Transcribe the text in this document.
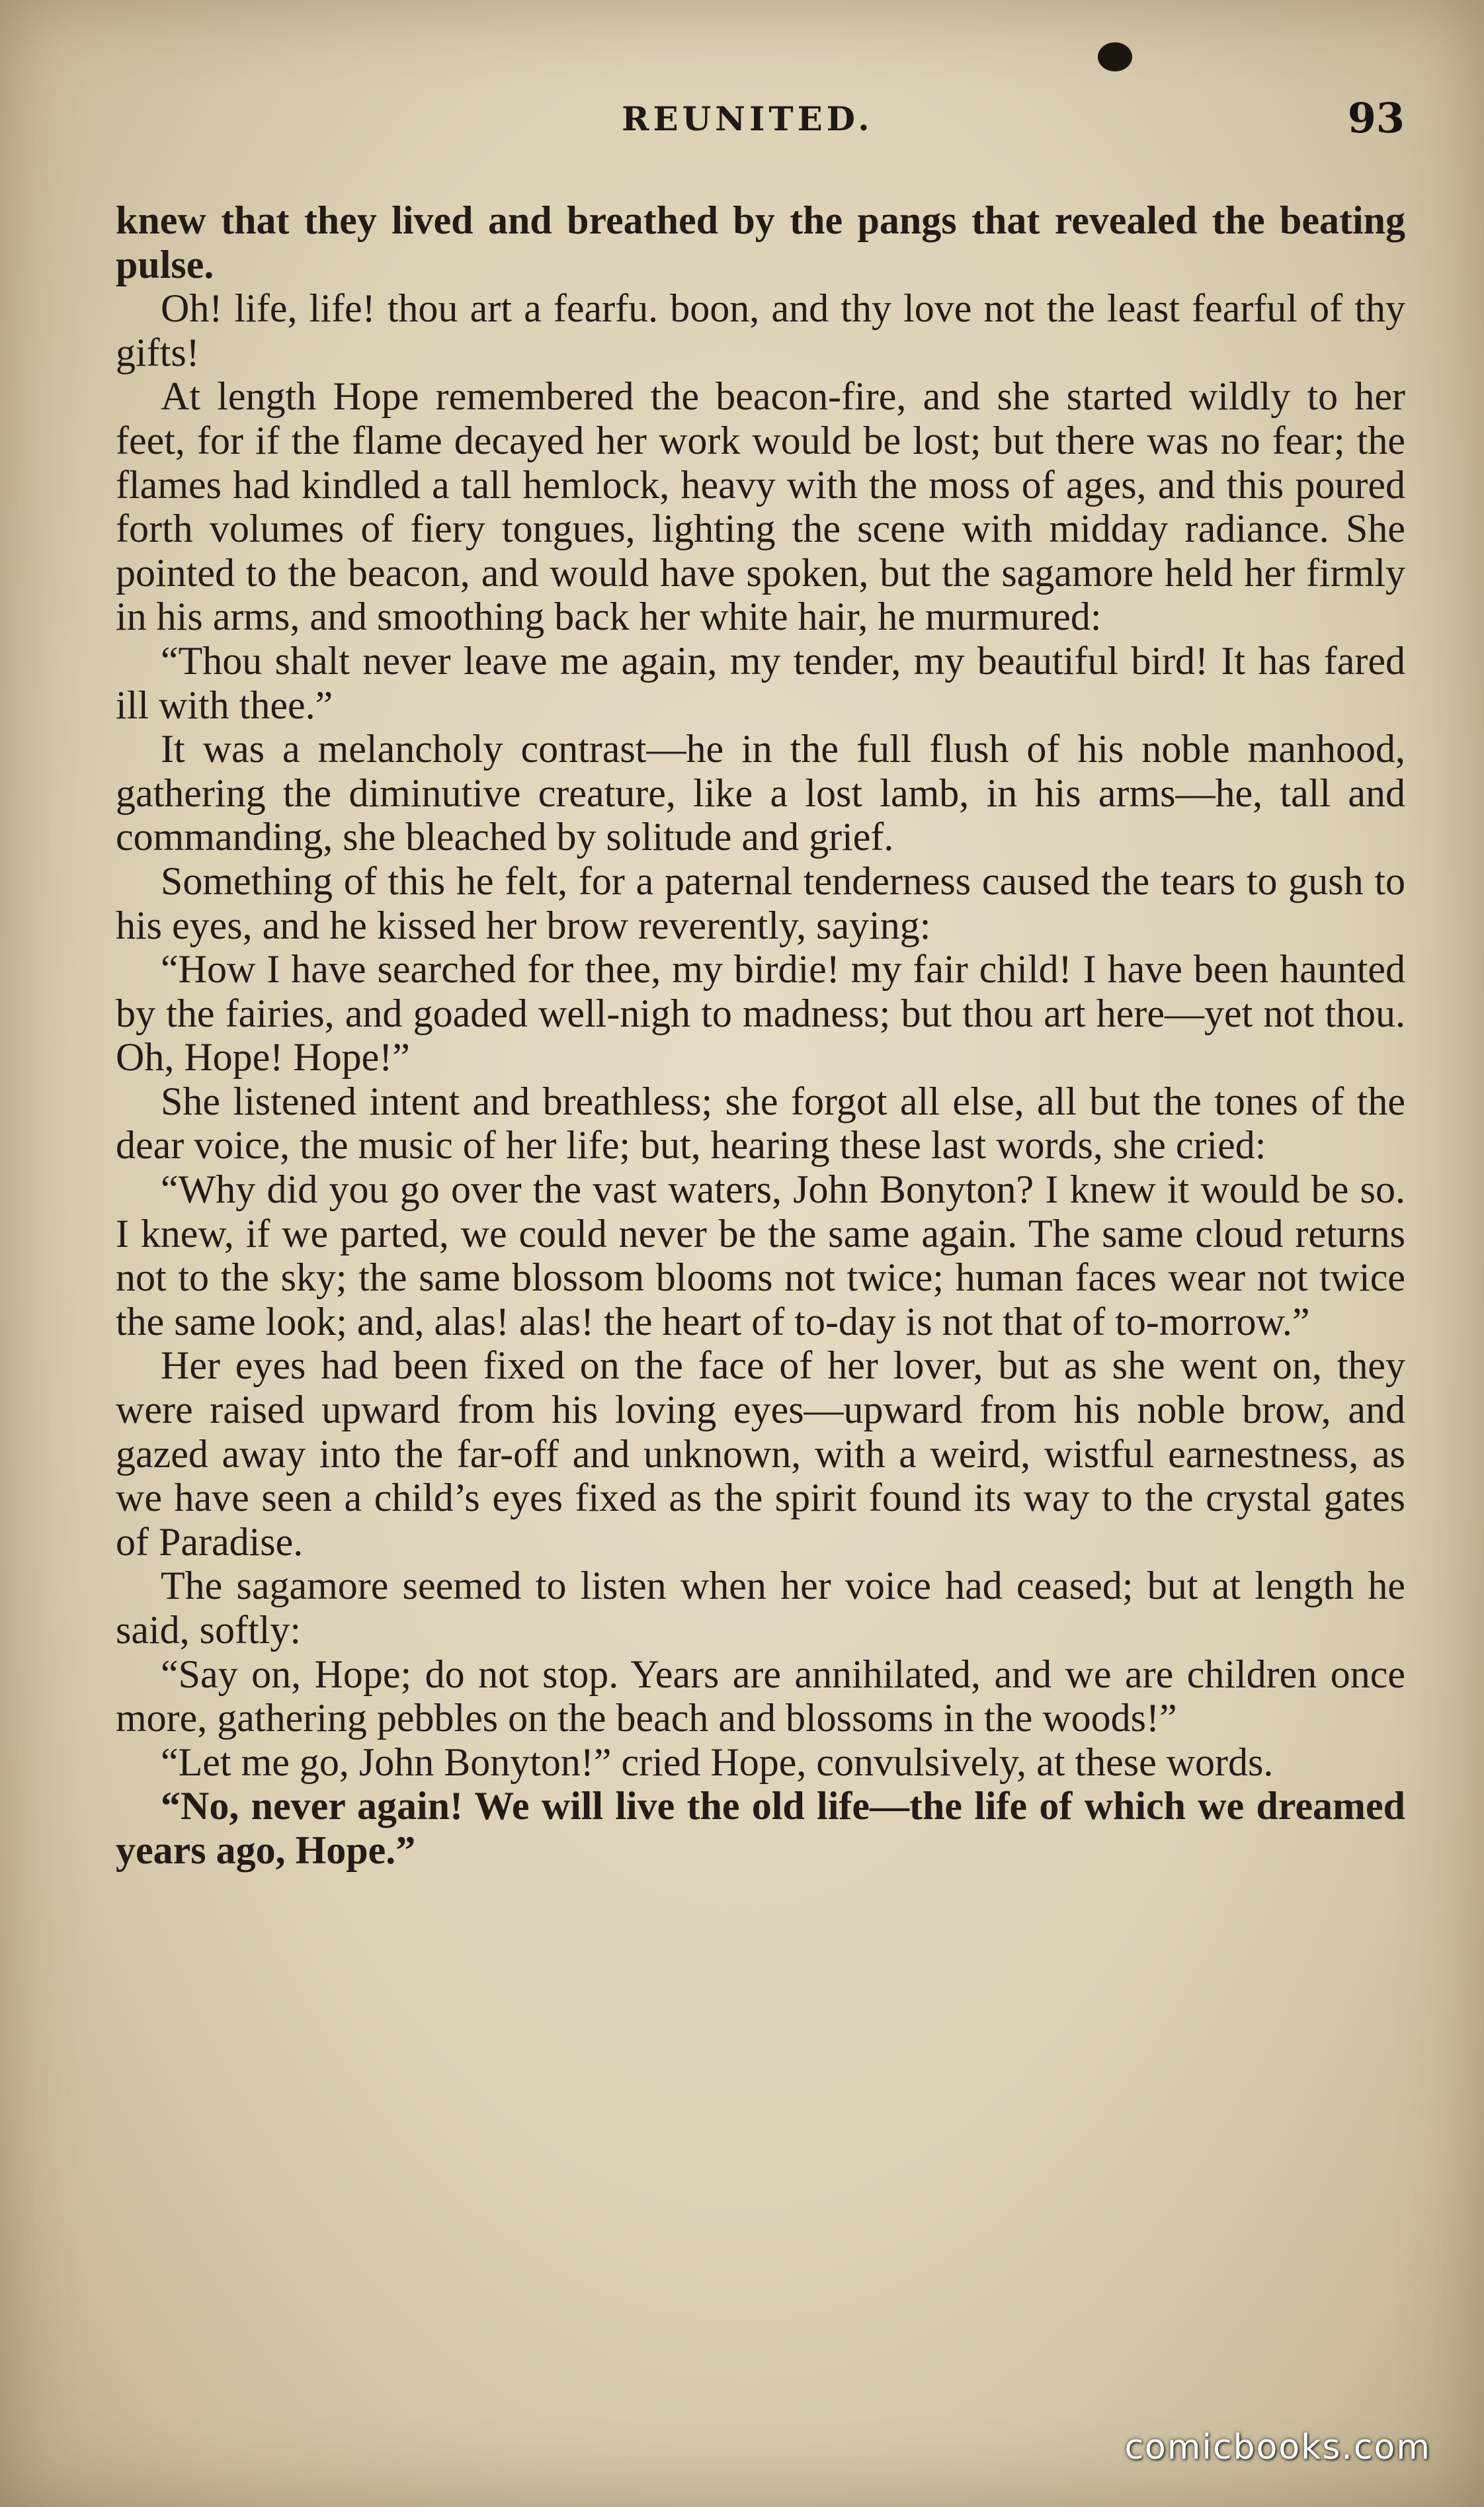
REUNITED.	93

knew that they lived and breathed by the pangs that revealed the beating pulse.

Oh! life, life! thou art a fearfu. boon, and thy love not the least fearful of thy gifts!

At length Hope remembered the beacon-fire, and she started wildly to her feet, for if the flame decayed her work would be lost; but there was no fear; the flames had kindled a tall hemlock, heavy with the moss of ages, and this poured forth volumes of fiery tongues, lighting the scene with midday radiance. She pointed to the beacon, and would have spoken, but the sagamore held her firmly in his arms, and smoothing back her white hair, he murmured:

“Thou shalt never leave me again, my tender, my beautiful bird! It has fared ill with thee.”

It was a melancholy contrast—he in the full flush of his noble manhood, gathering the diminutive creature, like a lost lamb, in his arms—he, tall and commanding, she bleached by solitude and grief.

Something of this he felt, for a paternal tenderness caused the tears to gush to his eyes, and he kissed her brow reverently, saying:

“How I have searched for thee, my birdie! my fair child! I have been haunted by the fairies, and goaded well-nigh to madness; but thou art here—yet not thou. Oh, Hope! Hope!”

She listened intent and breathless; she forgot all else, all but the tones of the dear voice, the music of her life; but, hearing these last words, she cried:

“Why did you go over the vast waters, John Bonyton? I knew it would be so. I knew, if we parted, we could never be the same again. The same cloud returns not to the sky; the same blossom blooms not twice; human faces wear not twice the same look; and, alas! alas! the heart of to-day is not that of to-morrow.”

Her eyes had been fixed on the face of her lover, but as she went on, they were raised upward from his loving eyes—upward from his noble brow, and gazed away into the far-off and unknown, with a weird, wistful earnestness, as we have seen a child’s eyes fixed as the spirit found its way to the crystal gates of Paradise.

The sagamore seemed to listen when her voice had ceased; but at length he said, softly:

“Say on, Hope; do not stop. Years are annihilated, and we are children once more, gathering pebbles on the beach and blossoms in the woods!”

“Let me go, John Bonyton!” cried Hope, convulsively, at these words.

“No, never again! We will live the old life—the life of which we dreamed years ago, Hope.”

comicbooks.com
